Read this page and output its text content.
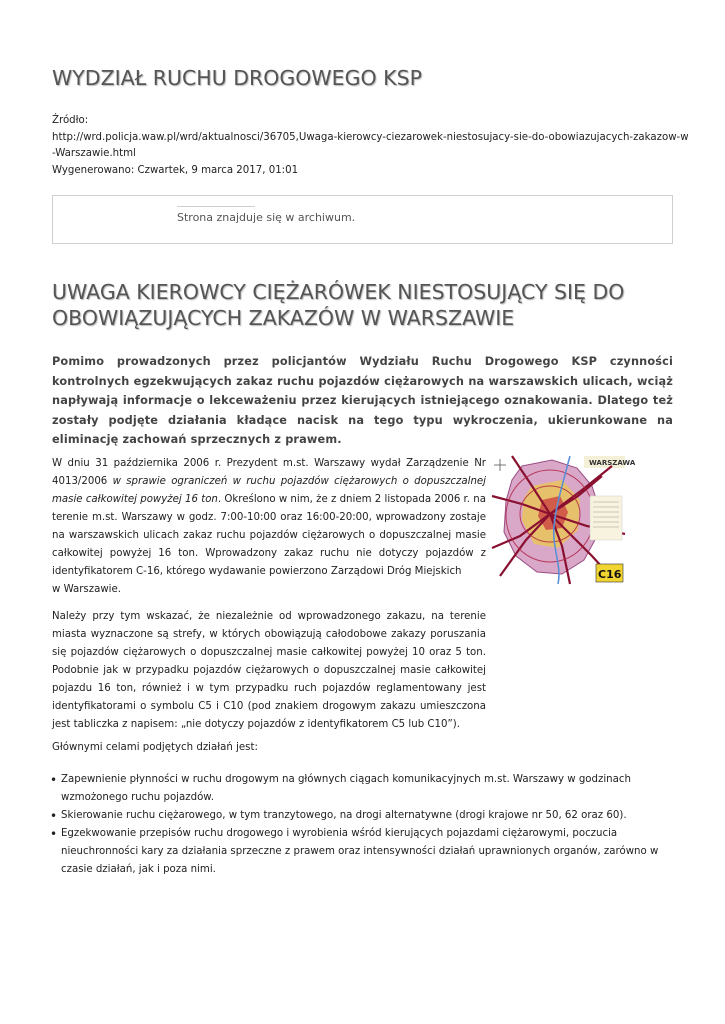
WYDZIAŁ RUCHU DROGOWEGO KSP
Źródło:
http://wrd.policja.waw.pl/wrd/aktualnosci/36705,Uwaga-kierowcy-ciezarowek-niestosujacy-sie-do-obowiazujacych-zakazow-w
-Warszawie.html
Wygenerowano: Czwartek, 9 marca 2017, 01:01
Strona znajduje się w archiwum.
UWAGA KIEROWCY CIĘŻARÓWEK NIESTOSUJĄCY SIĘ DO
OBOWIĄZUJĄCYCH ZAKAZÓW W WARSZAWIE

Pomimo prowadzonych przez policjantów Wydziału Ruchu Drogowego KSP czynności kontrolnych egzekwujących zakaz ruchu pojazdów ciężarowych na warszawskich ulicach, wciąż napływają informacje o lekceważeniu przez kierujących istniejącego oznakowania. Dlatego też zostały podjęte działania kładące nacisk na tego typu wykroczenia, ukierunkowane na eliminację zachowań sprzecznych z prawem.

W dniu 31 października 2006 r. Prezydent m.st. Warszawy wydał Zarządzenie Nr 4013/2006 w sprawie ograniczeń w ruchu pojazdów ciężarowych o dopuszczalnej masie całkowitej powyżej 16 ton. Określono w nim, że z dniem 2 listopada 2006 r. na terenie m.st. Warszawy w godz. 7:00-10:00 oraz 16:00-20:00, wprowadzony zostaje na warszawskich ulicach zakaz ruchu pojazdów ciężarowych o dopuszczalnej masie całkowitej powyżej 16 ton. Wprowadzony zakaz ruchu nie dotyczy pojazdów z identyfikatorem C-16, którego wydawanie powierzono Zarządowi Dróg Miejskich
w Warszawie.

WARSZAWA
C16

Należy przy tym wskazać, że niezależnie od wprowadzonego zakazu, na terenie miasta wyznaczone są strefy, w których obowiązują całodobowe zakazy poruszania się pojazdów ciężarowych o dopuszczalnej masie całkowitej powyżej 10 oraz 5 ton. Podobnie jak w przypadku pojazdów ciężarowych o dopuszczalnej masie całkowitej pojazdu 16 ton, również i w tym przypadku ruch pojazdów reglamentowany jest identyfikatorami o symbolu C5 i C10 (pod znakiem drogowym zakazu umieszczona jest tabliczka z napisem: „nie dotyczy pojazdów z identyfikatorem C5 lub C10”).

Głównymi celami podjętych działań jest:

• Zapewnienie płynności w ruchu drogowym na głównych ciągach komunikacyjnych m.st. Warszawy w godzinach wzmożonego ruchu pojazdów.
• Skierowanie ruchu ciężarowego, w tym tranzytowego, na drogi alternatywne (drogi krajowe nr 50, 62 oraz 60).
• Egzekwowanie przepisów ruchu drogowego i wyrobienia wśród kierujących pojazdami ciężarowymi, poczucia nieuchronności kary za działania sprzeczne z prawem oraz intensywności działań uprawnionych organów, zarówno w czasie działań, jak i poza nimi.
